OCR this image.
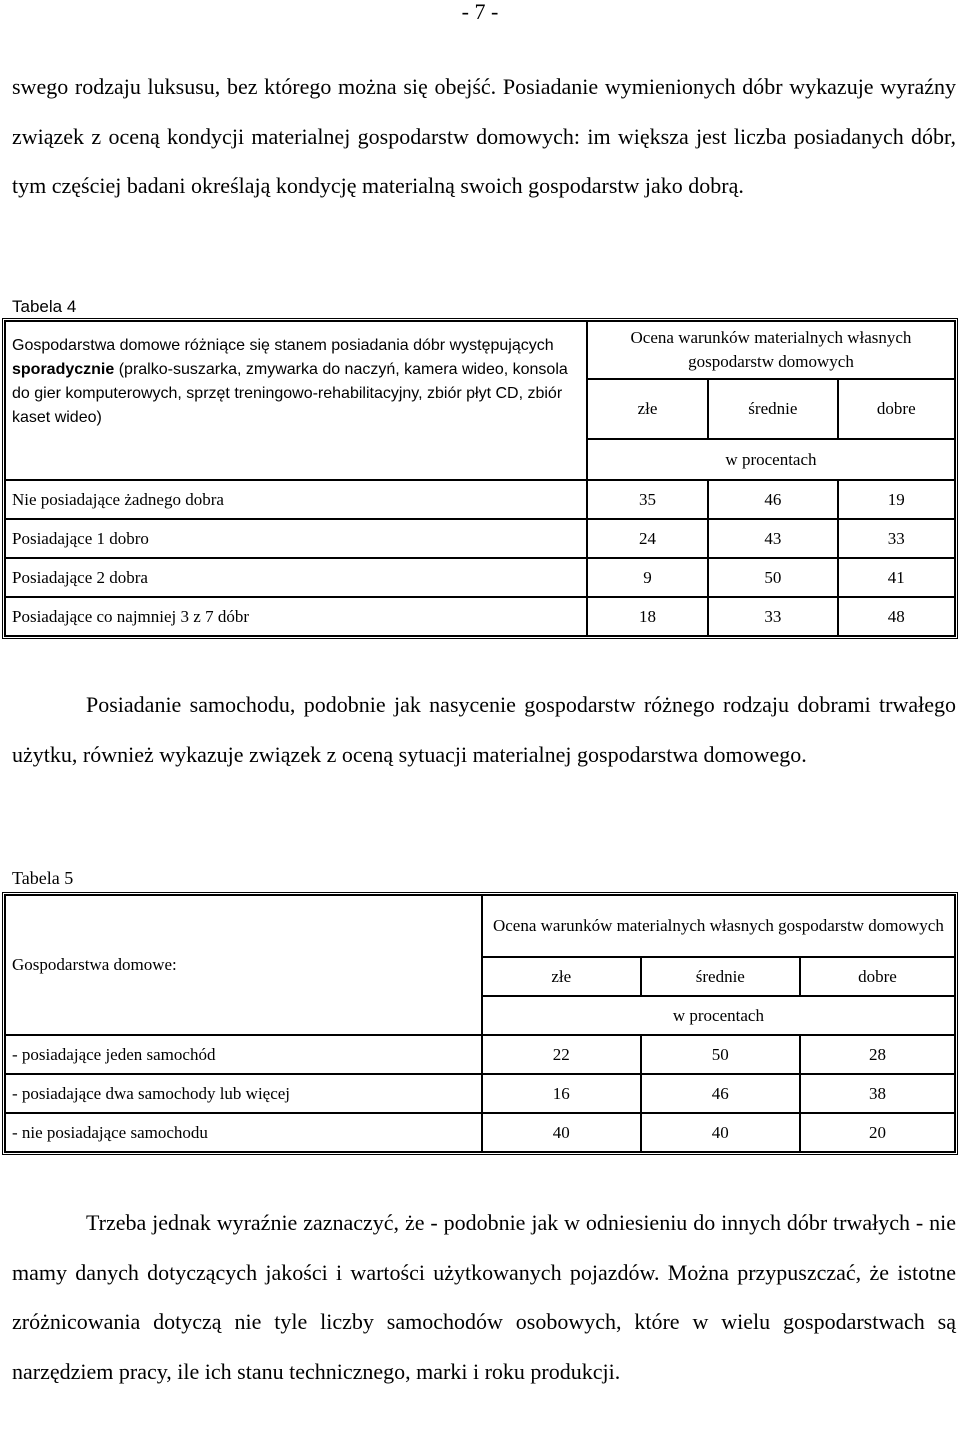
- 7 -

swego rodzaju luksusu, bez którego można się obejść. Posiadanie wymienionych dóbr wykazuje wyraźny związek z oceną kondycji materialnej gospodarstw domowych: im większa jest liczba posiadanych dóbr, tym częściej badani określają kondycję materialną swoich gospodarstw jako dobrą.

Tabela 4
Gospodarstwa domowe różniące się stanem posiadania dóbr występujących sporadycznie (pralko-suszarka, zmywarka do naczyń, kamera wideo, konsola do gier komputerowych, sprzęt treningowo-rehabilitacyjny, zbiór płyt CD, zbiór kaset wideo)	Ocena warunków materialnych własnych gospodarstw domowych		
	złe	średnie	dobre
	w procentach		
Nie posiadające żadnego dobra	35	46	19
Posiadające 1 dobro	24	43	33
Posiadające 2 dobra	9	50	41
Posiadające co najmniej 3 z 7 dóbr	18	33	48

Posiadanie samochodu, podobnie jak nasycenie gospodarstw różnego rodzaju dobrami trwałego użytku, również wykazuje związek z oceną sytuacji materialnej gospodarstwa domowego.

Tabela 5
Gospodarstwa domowe:	Ocena warunków materialnych własnych gospodarstw domowych		
	złe	średnie	dobre
	w procentach		
- posiadające jeden samochód	22	50	28
- posiadające dwa samochody lub więcej	16	46	38
- nie posiadające samochodu	40	40	20

Trzeba jednak wyraźnie zaznaczyć, że - podobnie jak w odniesieniu do innych dóbr trwałych - nie mamy danych dotyczących jakości i wartości użytkowanych pojazdów. Można przypuszczać, że istotne zróżnicowania dotyczą nie tyle liczby samochodów osobowych, które w wielu gospodarstwach są narzędziem pracy, ile ich stanu technicznego, marki i roku produkcji.
